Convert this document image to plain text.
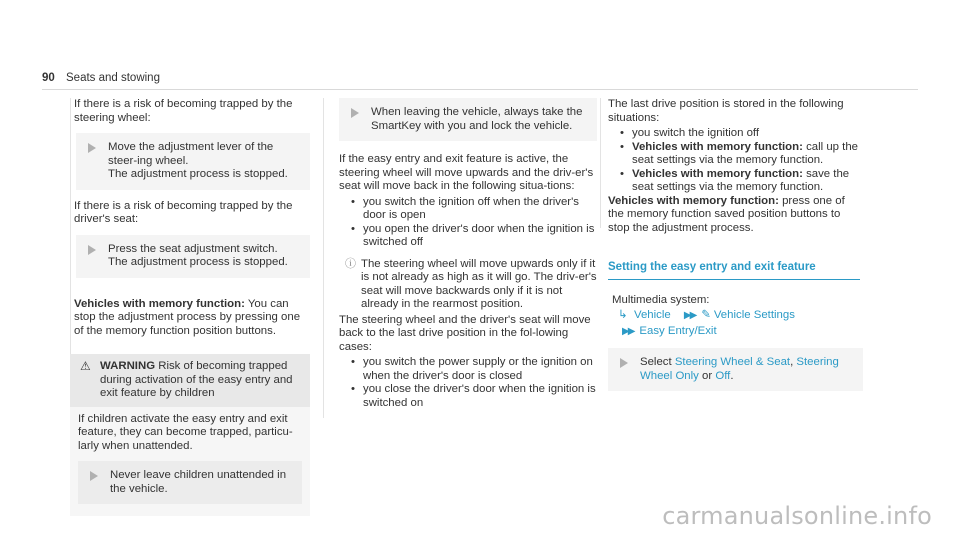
90 Seats and stowing

If there is a risk of becoming trapped by the steering wheel:

Move the adjustment lever of the steer-ing wheel.

The adjustment process is stopped.

If there is a risk of becoming trapped by the driver's seat:

Press the seat adjustment switch.

The adjustment process is stopped.

Vehicles with memory function: You can stop the adjustment process by pressing one of the memory function position buttons.

⚠ WARNING Risk of becoming trapped during activation of the easy entry and exit feature by children

If children activate the easy entry and exit feature, they can become trapped, particu-larly when unattended.

Never leave children unattended in the vehicle.

When leaving the vehicle, always take the SmartKey with you and lock the vehicle.

If the easy entry and exit feature is active, the steering wheel will move upwards and the driv-er's seat will move back in the following situa-tions:

• you switch the ignition off when the driver's door is open
• you open the driver's door when the ignition is switched off
ⓘ The steering wheel will move upwards only if it is not already as high as it will go. The driv-er's seat will move backwards only if it is not already in the rearmost position.

The steering wheel and the driver's seat will move back to the last drive position in the fol-lowing cases:

• you switch the power supply or the ignition on when the driver's door is closed
• you close the driver's door when the ignition is switched on

The last drive position is stored in the following situations:

• you switch the ignition off
• Vehicles with memory function: call up the seat settings via the memory function.
• Vehicles with memory function: save the seat settings via the memory function.

Vehicles with memory function: press one of the memory function saved position buttons to stop the adjustment process.

Setting the easy entry and exit feature

Multimedia system:

↳ Vehicle ▶▶ ✎ Vehicle Settings
▶▶ Easy Entry/Exit

Select Steering Wheel & Seat, Steering Wheel Only or Off.

carmanualsonline.info
